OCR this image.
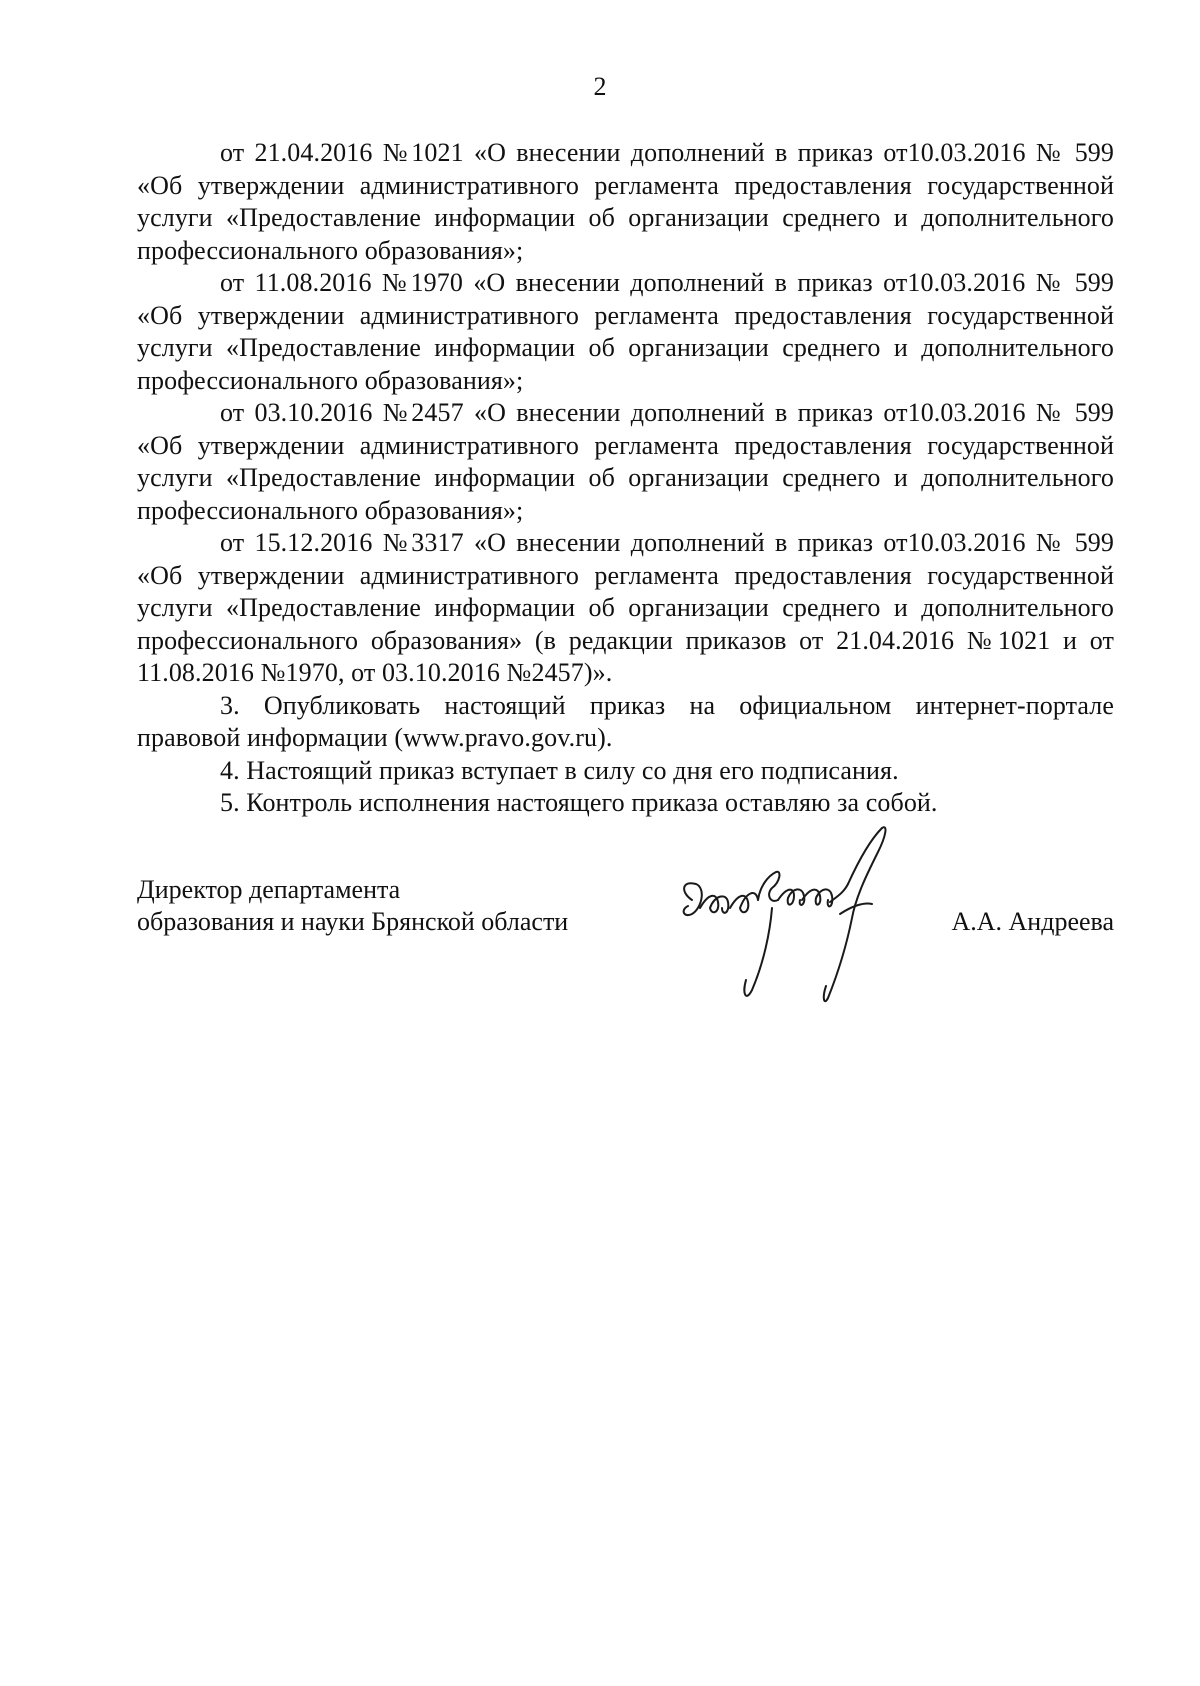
2

от 21.04.2016 №1021 «О внесении дополнений в приказ от10.03.2016 № 599 «Об утверждении административного регламента предоставления государственной услуги «Предоставление информации об организации среднего и дополнительного профессионального образования»;

от 11.08.2016 №1970 «О внесении дополнений в приказ от10.03.2016 № 599 «Об утверждении административного регламента предоставления государственной услуги «Предоставление информации об организации среднего и дополнительного профессионального образования»;

от 03.10.2016 №2457 «О внесении дополнений в приказ от10.03.2016 № 599 «Об утверждении административного регламента предоставления государственной услуги «Предоставление информации об организации среднего и дополнительного профессионального образования»;

от 15.12.2016 №3317 «О внесении дополнений в приказ от10.03.2016 № 599 «Об утверждении административного регламента предоставления государственной услуги «Предоставление информации об организации среднего и дополнительного профессионального образования» (в редакции приказов от 21.04.2016 №1021 и от 11.08.2016 №1970, от 03.10.2016 №2457)».

3. Опубликовать настоящий приказ на официальном интернет-портале правовой информации (www.pravo.gov.ru).

4. Настоящий приказ вступает в силу со дня его подписания.

5. Контроль исполнения настоящего приказа оставляю за собой.

Директор департамента
образования и науки Брянской области	А.А. Андреева
